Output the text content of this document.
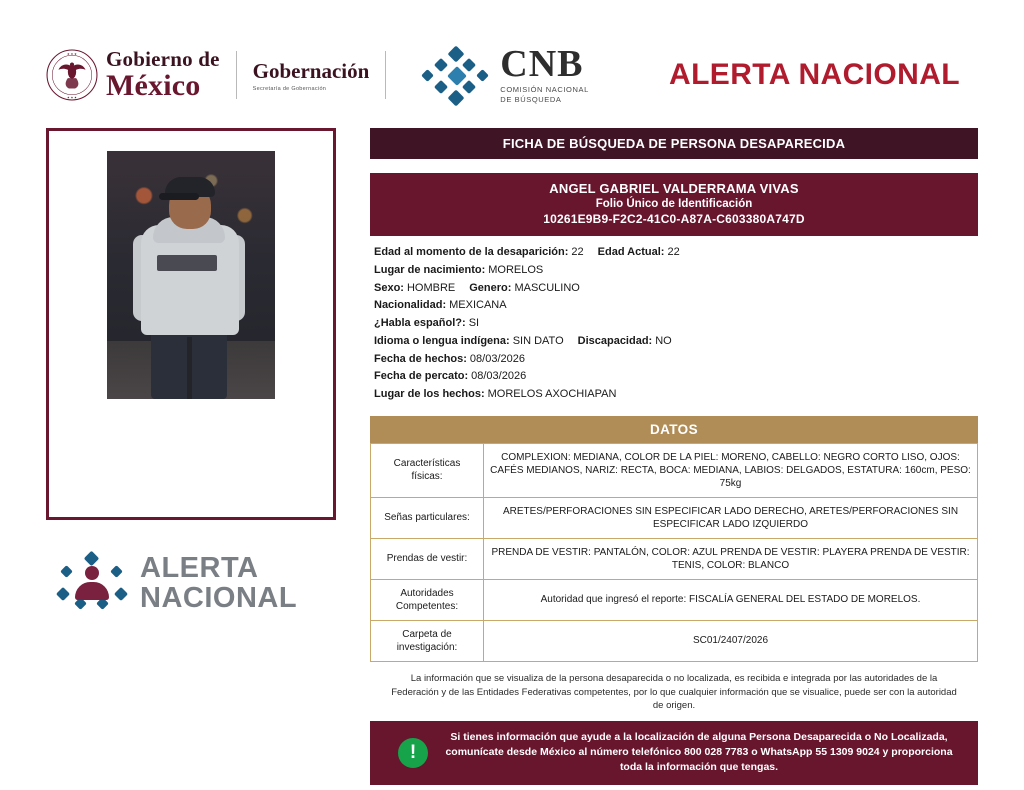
★ ★ ★
★ ★ ★
Gobierno de
México	Gobernación
Secretaría de Gobernación
CNB
COMISIÓN NACIONAL
DE BÚSQUEDA
ALERTA NACIONAL
ALERTA
NACIONAL
FICHA DE BÚSQUEDA DE PERSONA DESAPARECIDA
ANGEL GABRIEL VALDERRAMA VIVAS
Folio Único de Identificación
10261E9B9-F2C2-41C0-A87A-C603380A747D
Edad al momento de la desaparición: 22 Edad Actual: 22
Lugar de nacimiento: MORELOS
Sexo: HOMBRE Genero: MASCULINO
Nacionalidad: MEXICANA
¿Habla español?: SI
Idioma o lengua indígena: SIN DATO Discapacidad: NO
Fecha de hechos: 08/03/2026
Fecha de percato: 08/03/2026
Lugar de los hechos: MORELOS AXOCHIAPAN
DATOS
Características físicas:	COMPLEXION: MEDIANA, COLOR DE LA PIEL: MORENO, CABELLO: NEGRO CORTO LISO, OJOS: CAFÉS MEDIANOS, NARIZ: RECTA, BOCA: MEDIANA, LABIOS: DELGADOS, ESTATURA: 160cm, PESO: 75kg
Señas particulares:	ARETES/PERFORACIONES SIN ESPECIFICAR LADO DERECHO, ARETES/PERFORACIONES SIN ESPECIFICAR LADO IZQUIERDO
Prendas de vestir:	PRENDA DE VESTIR: PANTALÓN, COLOR: AZUL PRENDA DE VESTIR: PLAYERA PRENDA DE VESTIR: TENIS, COLOR: BLANCO
Autoridades Competentes:	Autoridad que ingresó el reporte: FISCALÍA GENERAL DEL ESTADO DE MORELOS.
Carpeta de investigación:	SC01/2407/2026
La información que se visualiza de la persona desaparecida o no localizada, es recibida e integrada por las autoridades de la Federación y de las Entidades Federativas competentes, por lo que cualquier información que se visualice, puede ser con la autoridad de origen.
!
Si tienes información que ayude a la localización de alguna Persona Desaparecida o No Localizada, comunícate desde México al número telefónico 800 028 7783 o WhatsApp 55 1309 9024 y proporciona toda la información que tengas.
